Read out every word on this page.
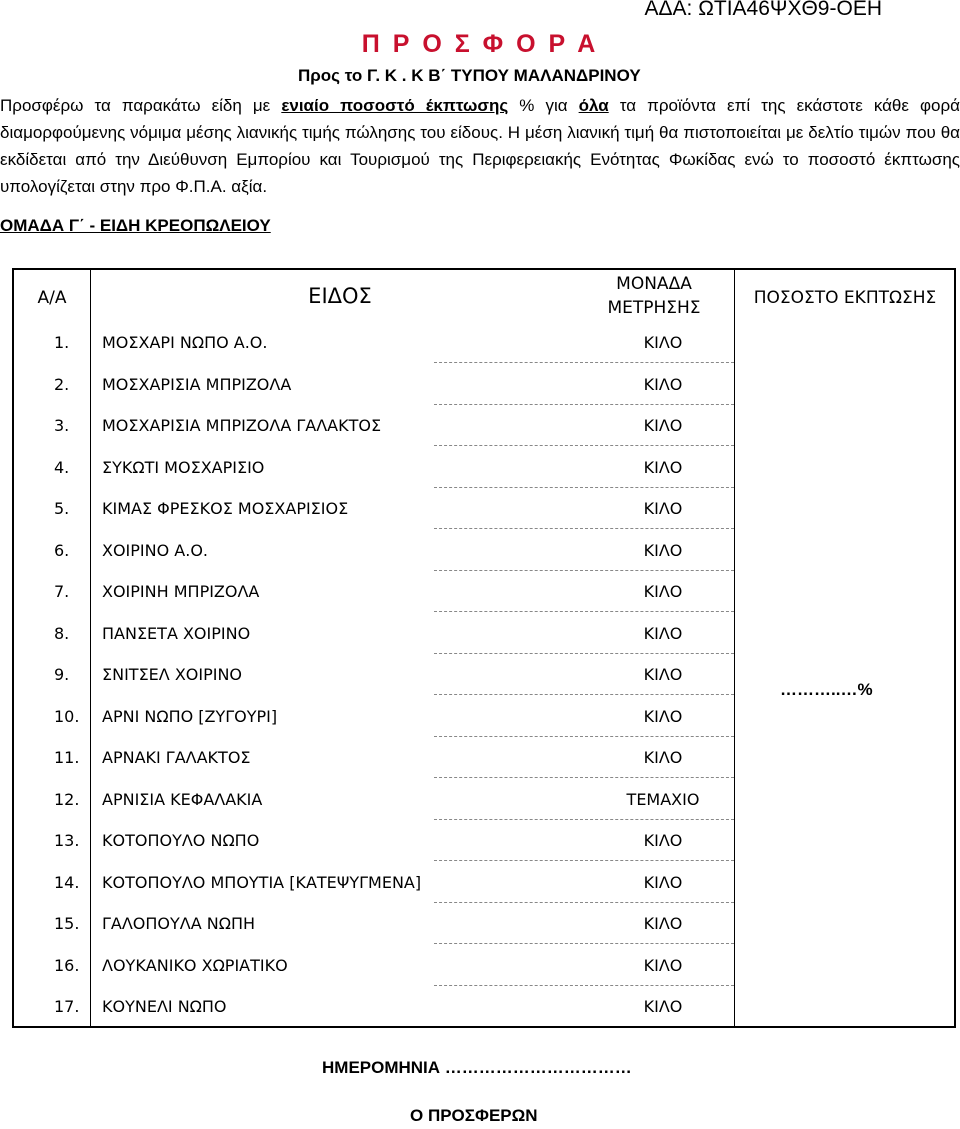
ΑΔΑ: ΩΤΙΑ46ΨΧΘ9-ΟΕΗ
Π Ρ Ο Σ Φ Ο Ρ Α
Προς το Γ. Κ . Κ Β΄ ΤΥΠΟΥ ΜΑΛΑΝΔΡΙΝΟΥ
Προσφέρω τα παρακάτω είδη με ενιαίο ποσοστό έκπτωσης % για όλα τα προϊόντα επί της εκάστοτε κάθε φορά διαμορφούμενης νόμιμα μέσης λιανικής τιμής πώλησης του είδους. Η μέση λιανική τιμή θα πιστοποιείται με δελτίο τιμών που θα εκδίδεται από την Διεύθυνση Εμπορίου και Τουρισμού της Περιφερειακής Ενότητας Φωκίδας ενώ το ποσοστό έκπτωσης υπολογίζεται στην προ Φ.Π.Α. αξία.
ΟΜΑΔΑ Γ΄ - ΕΙΔΗ ΚΡΕΟΠΩΛΕΙΟΥ
Α/Α	ΕΙΔΟΣ	ΜΟΝΑΔΑ
ΜΕΤΡΗΣΗΣ	ΠΟΣΟΣΤΟ ΕΚΠΤΩΣΗΣ
1. ΜΟΣΧΑΡΙ ΝΩΠΟ Α.Ο.	ΚΙΛΟ
2. ΜΟΣΧΑΡΙΣΙΑ ΜΠΡΙΖΟΛΑ	ΚΙΛΟ
3. ΜΟΣΧΑΡΙΣΙΑ ΜΠΡΙΖΟΛΑ ΓΑΛΑΚΤΟΣ	ΚΙΛΟ
4. ΣΥΚΩΤΙ ΜΟΣΧΑΡΙΣΙΟ	ΚΙΛΟ
5. ΚΙΜΑΣ ΦΡΕΣΚΟΣ ΜΟΣΧΑΡΙΣΙΟΣ	ΚΙΛΟ
6. ΧΟΙΡΙΝΟ Α.Ο.	ΚΙΛΟ
7. ΧΟΙΡΙΝΗ ΜΠΡΙΖΟΛΑ	ΚΙΛΟ
8. ΠΑΝΣΕΤΑ ΧΟΙΡΙΝΟ	ΚΙΛΟ
9. ΣΝΙΤΣΕΛ ΧΟΙΡΙΝΟ	ΚΙΛΟ
10. ΑΡΝΙ ΝΩΠΟ [ΖΥΓΟΥΡΙ]	ΚΙΛΟ
11. ΑΡΝΑΚΙ ΓΑΛΑΚΤΟΣ	ΚΙΛΟ
12. ΑΡΝΙΣΙΑ ΚΕΦΑΛΑΚΙΑ	ΤΕΜΑΧΙΟ
13. ΚΟΤΟΠΟΥΛΟ ΝΩΠΟ	ΚΙΛΟ
14. ΚΟΤΟΠΟΥΛΟ ΜΠΟΥΤΙΑ [ΚΑΤΕΨΥΓΜΕΝΑ]	ΚΙΛΟ
15. ΓΑΛΟΠΟΥΛΑ ΝΩΠΗ	ΚΙΛΟ
16. ΛΟΥΚΑΝΙΚΟ ΧΩΡΙΑΤΙΚΟ	ΚΙΛΟ
17. ΚΟΥΝΕΛΙ ΝΩΠΟ	ΚΙΛΟ
………..…%
ΗΜΕΡΟΜΗΝΙΑ ……………………………
Ο ΠΡΟΣΦΕΡΩΝ
